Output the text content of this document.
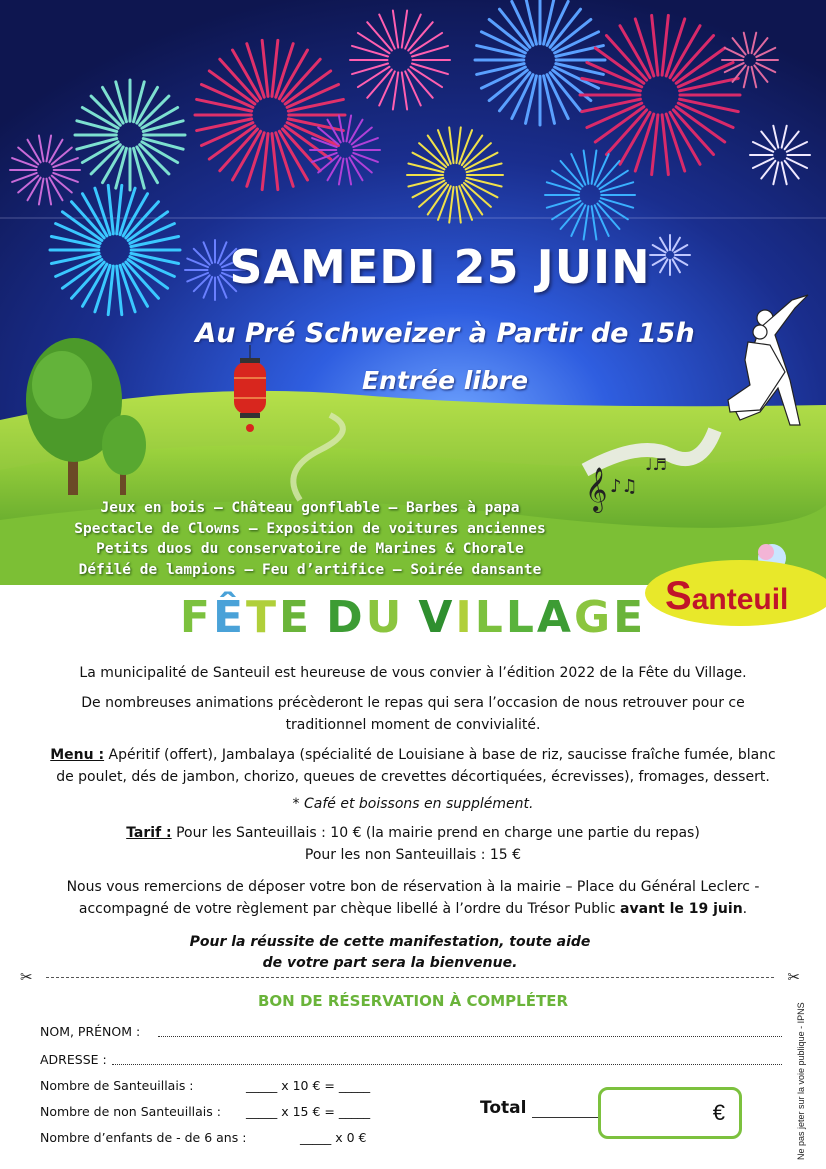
𝄞 ♪♫
♩♬
SAMEDI 25 JUIN
Au Pré Schweizer à Partir de 15h
Entrée libre
Jeux en bois – Château gonflable – Barbes à papa
Spectacle de Clowns – Exposition de voitures anciennes
Petits duos du conservatoire de Marines & Chorale
Défilé de lampions – Feu d’artifice – Soirée dansante
Santeuil
FÊTE DU VILLAGE
La municipalité de Santeuil est heureuse de vous convier à l’édition 2022 de la Fête du Village.
De nombreuses animations précèderont le repas qui sera l’occasion de nous retrouver pour ce traditionnel moment de convivialité.
Menu : Apéritif (offert), Jambalaya (spécialité de Louisiane à base de riz, saucisse fraîche fumée, blanc de poulet, dés de jambon, chorizo, queues de crevettes décortiquées, écrevisses), fromages, dessert.
* Café et boissons en supplément.
Tarif : Pour les Santeuillais : 10 € (la mairie prend en charge une partie du repas)
Pour les non Santeuillais : 15 €
Nous vous remercions de déposer votre bon de réservation à la mairie – Place du Général Leclerc - accompagné de votre règlement par chèque libellé à l’ordre du Trésor Public avant le 19 juin.
Pour la réussite de cette manifestation, toute aide
de votre part sera la bienvenue.
✂	✂
Ne pas jeter sur la voie publique - IPNS
BON DE RÉSERVATION À COMPLÉTER
NOM, PRÉNOM :
ADRESSE :
Nombre de Santeuillais :	_____ x 10 € = _____
Nombre de non Santeuillais : _____ x 15 € = _____
Nombre d’enfants de - de 6 ans :	_____ x 0 €
Total	€
